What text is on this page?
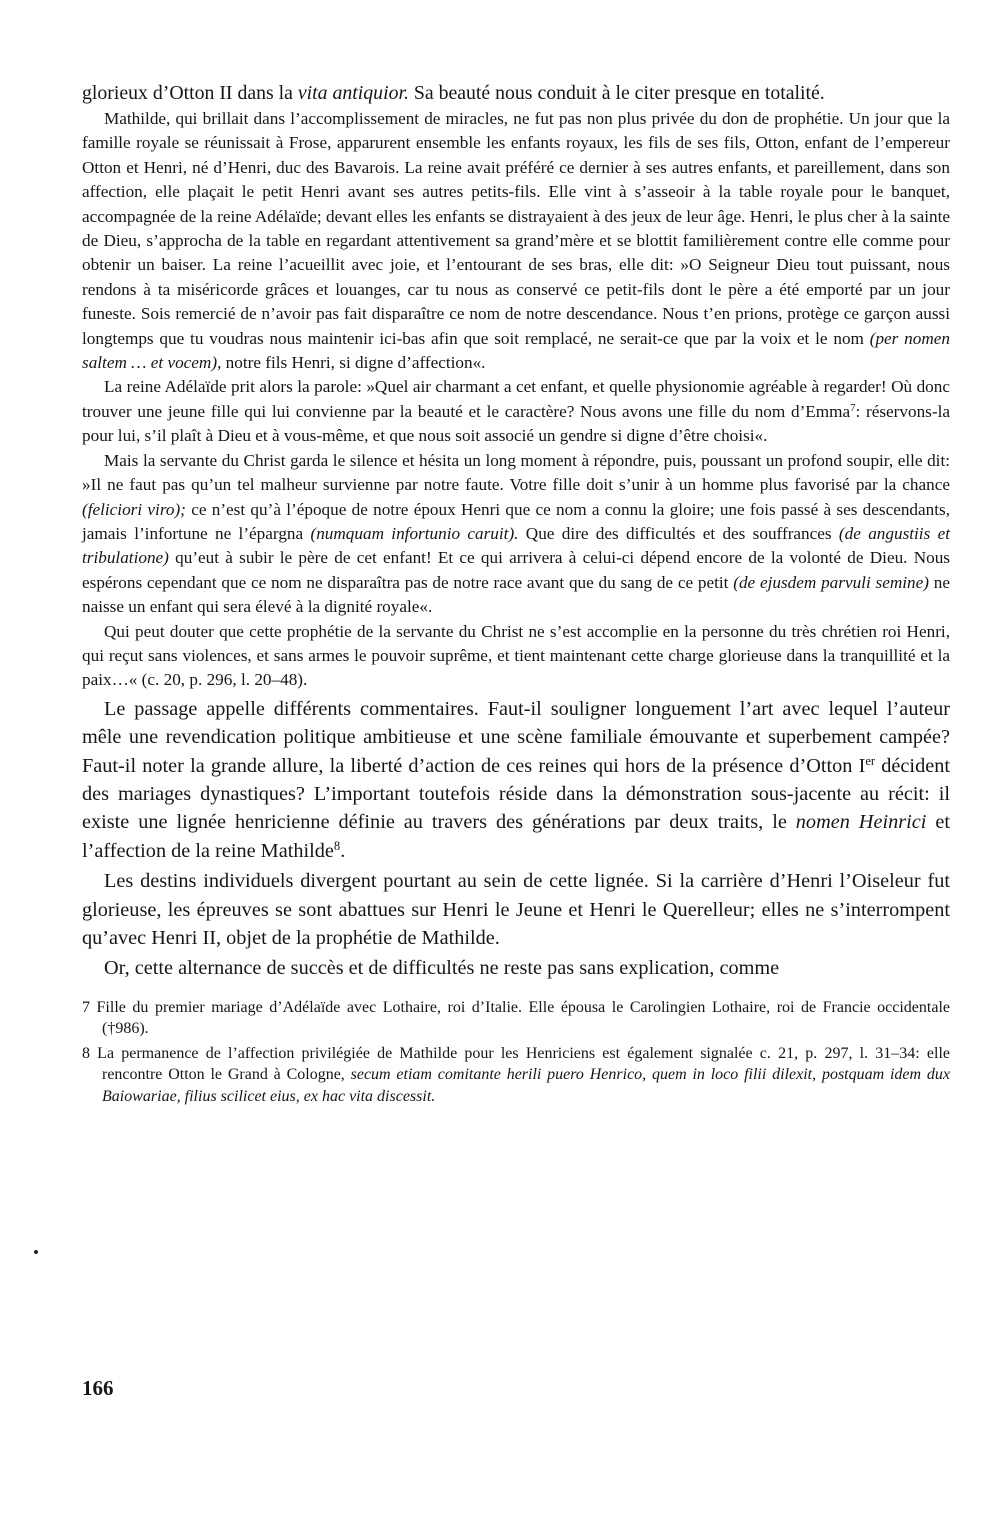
glorieux d’Otton II dans la vita antiquior. Sa beauté nous conduit à le citer presque en totalité.

Mathilde, qui brillait dans l’accomplissement de miracles, ne fut pas non plus privée du don de prophétie. Un jour que la famille royale se réunissait à Frose, apparurent ensemble les enfants royaux, les fils de ses fils, Otton, enfant de l’empereur Otton et Henri, né d’Henri, duc des Bavarois. La reine avait préféré ce dernier à ses autres enfants, et pareillement, dans son affection, elle plaçait le petit Henri avant ses autres petits-fils. Elle vint à s’asseoir à la table royale pour le banquet, accompagnée de la reine Adélaïde; devant elles les enfants se distrayaient à des jeux de leur âge. Henri, le plus cher à la sainte de Dieu, s’approcha de la table en regardant attentivement sa grand’mère et se blottit familièrement contre elle comme pour obtenir un baiser. La reine l’acueillit avec joie, et l’entourant de ses bras, elle dit: »O Seigneur Dieu tout puissant, nous rendons à ta miséricorde grâces et louanges, car tu nous as conservé ce petit-fils dont le père a été emporté par un jour funeste. Sois remercié de n’avoir pas fait disparaître ce nom de notre descendance. Nous t’en prions, protège ce garçon aussi longtemps que tu voudras nous maintenir ici-bas afin que soit remplacé, ne serait-ce que par la voix et le nom (per nomen saltem … et vocem), notre fils Henri, si digne d’affection«.

La reine Adélaïde prit alors la parole: »Quel air charmant a cet enfant, et quelle physionomie agréable à regarder! Où donc trouver une jeune fille qui lui convienne par la beauté et le caractère? Nous avons une fille du nom d’Emma$^7$: réservons-la pour lui, s’il plaît à Dieu et à vous-même, et que nous soit associé un gendre si digne d’être choisi«.

Mais la servante du Christ garda le silence et hésita un long moment à répondre, puis, poussant un profond soupir, elle dit: »Il ne faut pas qu’un tel malheur survienne par notre faute. Votre fille doit s’unir à un homme plus favorisé par la chance (feliciori viro); ce n’est qu’à l’époque de notre époux Henri que ce nom a connu la gloire; une fois passé à ses descendants, jamais l’infortune ne l’épargna (numquam infortunio caruit). Que dire des difficultés et des souffrances (de angustiis et tribulatione) qu’eut à subir le père de cet enfant! Et ce qui arrivera à celui-ci dépend encore de la volonté de Dieu. Nous espérons cependant que ce nom ne disparaîtra pas de notre race avant que du sang de ce petit (de ejusdem parvuli semine) ne naisse un enfant qui sera élevé à la dignité royale«.

Qui peut douter que cette prophétie de la servante du Christ ne s’est accomplie en la personne du très chrétien roi Henri, qui reçut sans violences, et sans armes le pouvoir suprême, et tient maintenant cette charge glorieuse dans la tranquillité et la paix…« (c. 20, p. 296, l. 20–48).

Le passage appelle différents commentaires. Faut-il souligner longuement l’art avec lequel l’auteur mêle une revendication politique ambitieuse et une scène familiale émouvante et superbement campée? Faut-il noter la grande allure, la liberté d’action de ces reines qui hors de la présence d’Otton Ier décident des mariages dynastiques? L’important toutefois réside dans la démonstration sous-jacente au récit: il existe une lignée henricienne définie au travers des générations par deux traits, le nomen Heinrici et l’affection de la reine Mathilde$^8$.

Les destins individuels divergent pourtant au sein de cette lignée. Si la carrière d’Henri l’Oiseleur fut glorieuse, les épreuves se sont abattues sur Henri le Jeune et Henri le Querelleur; elles ne s’interrompent qu’avec Henri II, objet de la prophétie de Mathilde.

Or, cette alternance de succès et de difficultés ne reste pas sans explication, comme

7 Fille du premier mariage d’Adélaïde avec Lothaire, roi d’Italie. Elle épousa le Carolingien Lothaire, roi de Francie occidentale (†986).

8 La permanence de l’affection privilégiée de Mathilde pour les Henriciens est également signalée c. 21, p. 297, l. 31–34: elle rencontre Otton le Grand à Cologne, secum etiam comitante herili puero Henrico, quem in loco filii dilexit, postquam idem dux Baiowariae, filius scilicet eius, ex hac vita discessit.

166
